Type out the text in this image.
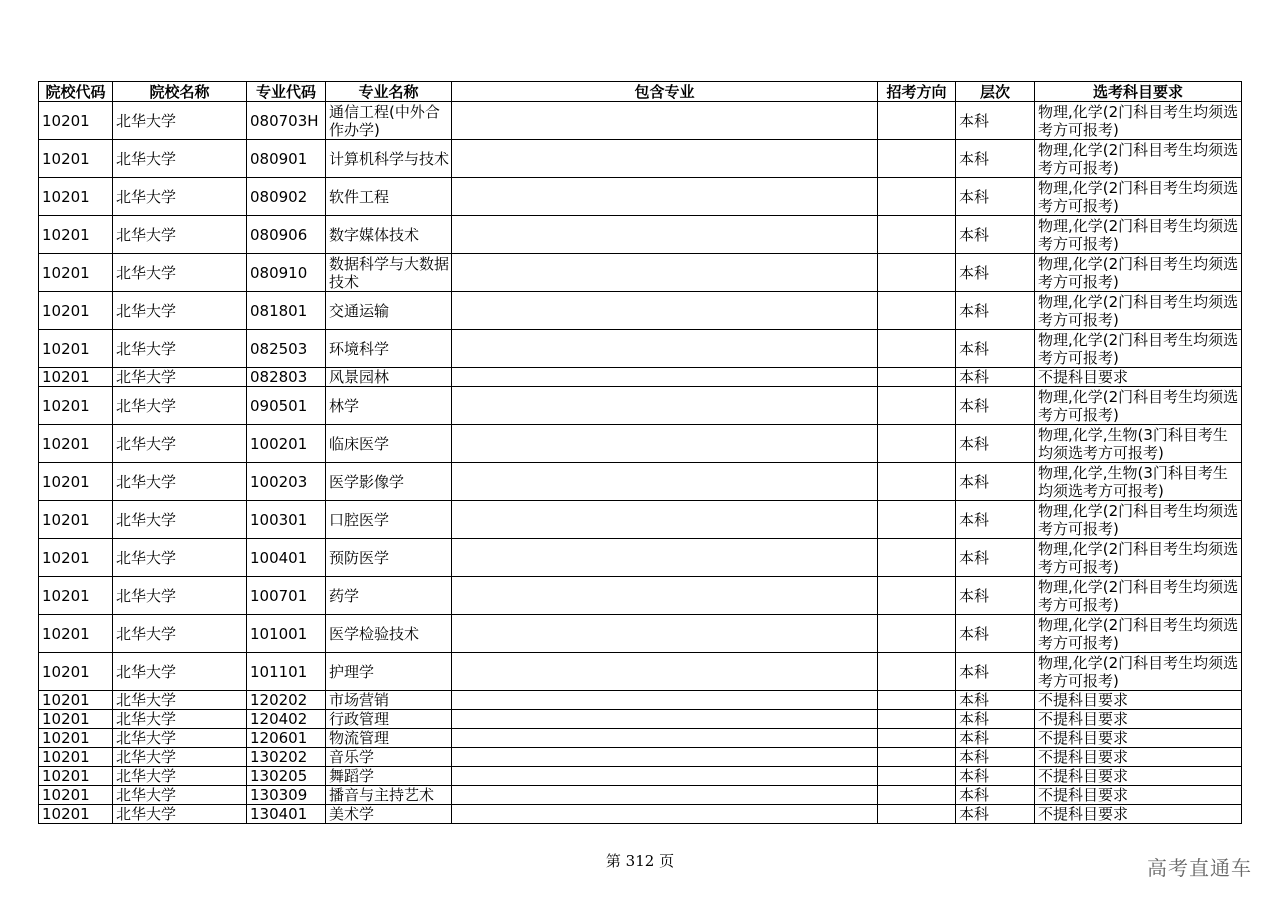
院校代码	院校名称	专业代码	专业名称	包含专业	招考方向	层次	选考科目要求
10201	北华大学	080703H	通信工程(中外合作办学)			本科	物理,化学(2门科目考生均须选考方可报考)
10201	北华大学	080901	计算机科学与技术			本科	物理,化学(2门科目考生均须选考方可报考)
10201	北华大学	080902	软件工程			本科	物理,化学(2门科目考生均须选考方可报考)
10201	北华大学	080906	数字媒体技术			本科	物理,化学(2门科目考生均须选考方可报考)
10201	北华大学	080910	数据科学与大数据技术			本科	物理,化学(2门科目考生均须选考方可报考)
10201	北华大学	081801	交通运输			本科	物理,化学(2门科目考生均须选考方可报考)
10201	北华大学	082503	环境科学			本科	物理,化学(2门科目考生均须选考方可报考)
10201	北华大学	082803	风景园林			本科	不提科目要求
10201	北华大学	090501	林学			本科	物理,化学(2门科目考生均须选考方可报考)
10201	北华大学	100201	临床医学			本科	物理,化学,生物(3门科目考生均须选考方可报考)
10201	北华大学	100203	医学影像学			本科	物理,化学,生物(3门科目考生均须选考方可报考)
10201	北华大学	100301	口腔医学			本科	物理,化学(2门科目考生均须选考方可报考)
10201	北华大学	100401	预防医学			本科	物理,化学(2门科目考生均须选考方可报考)
10201	北华大学	100701	药学			本科	物理,化学(2门科目考生均须选考方可报考)
10201	北华大学	101001	医学检验技术			本科	物理,化学(2门科目考生均须选考方可报考)
10201	北华大学	101101	护理学			本科	物理,化学(2门科目考生均须选考方可报考)
10201	北华大学	120202	市场营销			本科	不提科目要求
10201	北华大学	120402	行政管理			本科	不提科目要求
10201	北华大学	120601	物流管理			本科	不提科目要求
10201	北华大学	130202	音乐学			本科	不提科目要求
10201	北华大学	130205	舞蹈学			本科	不提科目要求
10201	北华大学	130309	播音与主持艺术			本科	不提科目要求
10201	北华大学	130401	美术学			本科	不提科目要求
第 312 页	高考直通车
